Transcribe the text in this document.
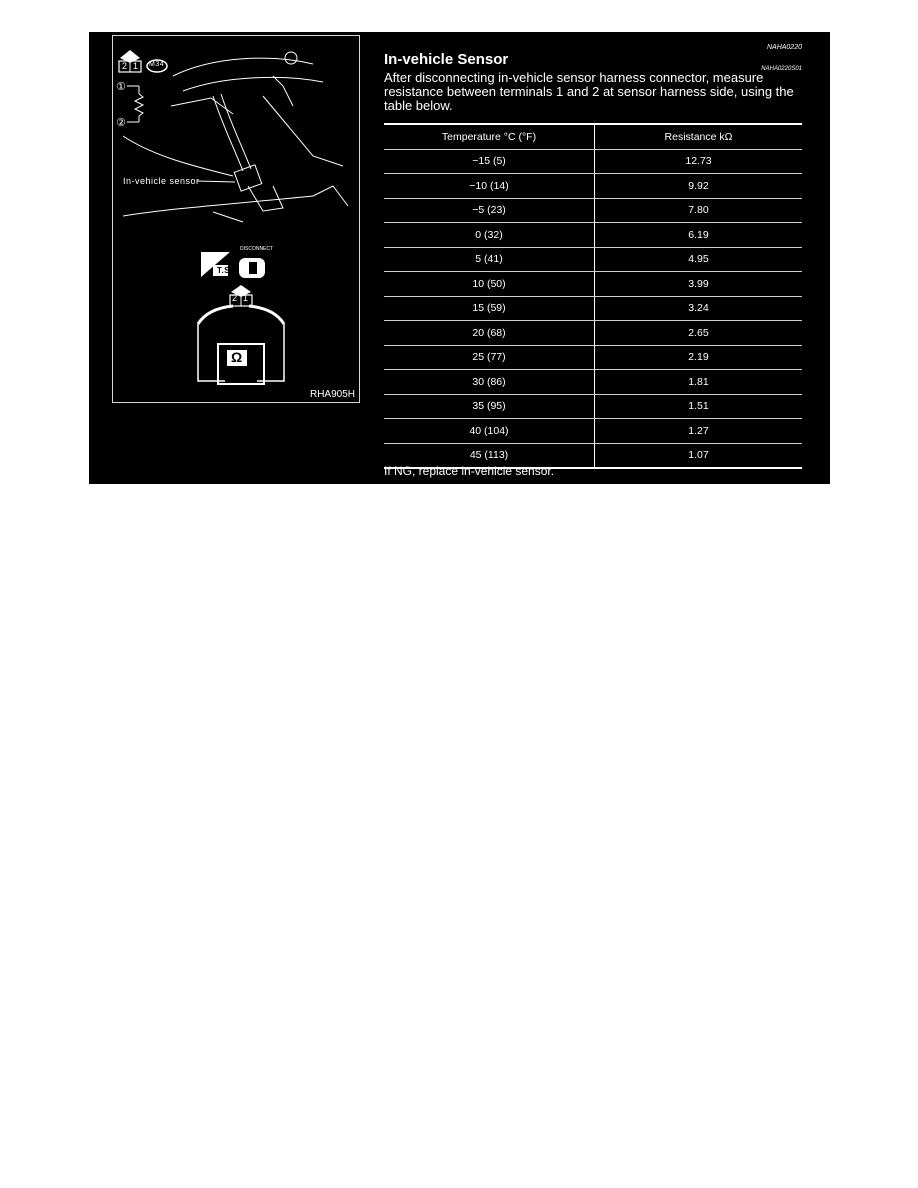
2 1 M34
①
②
In-vehicle sensor
T.S
DISCONNECT
2 1
Ω
RHA905H
NAHA0220
In-vehicle Sensor
NAHA0220S01
After disconnecting in-vehicle sensor harness connector, measure resistance between terminals 1 and 2 at sensor harness side, using the table below.
Temperature °C (°F)	Resistance kΩ
−15 (5)	12.73
−10 (14)	9.92
−5 (23)	7.80
0 (32)	6.19
5 (41)	4.95
10 (50)	3.99
15 (59)	3.24
20 (68)	2.65
25 (77)	2.19
30 (86)	1.81
35 (95)	1.51
40 (104)	1.27
45 (113)	1.07
If NG, replace in-vehicle sensor.
